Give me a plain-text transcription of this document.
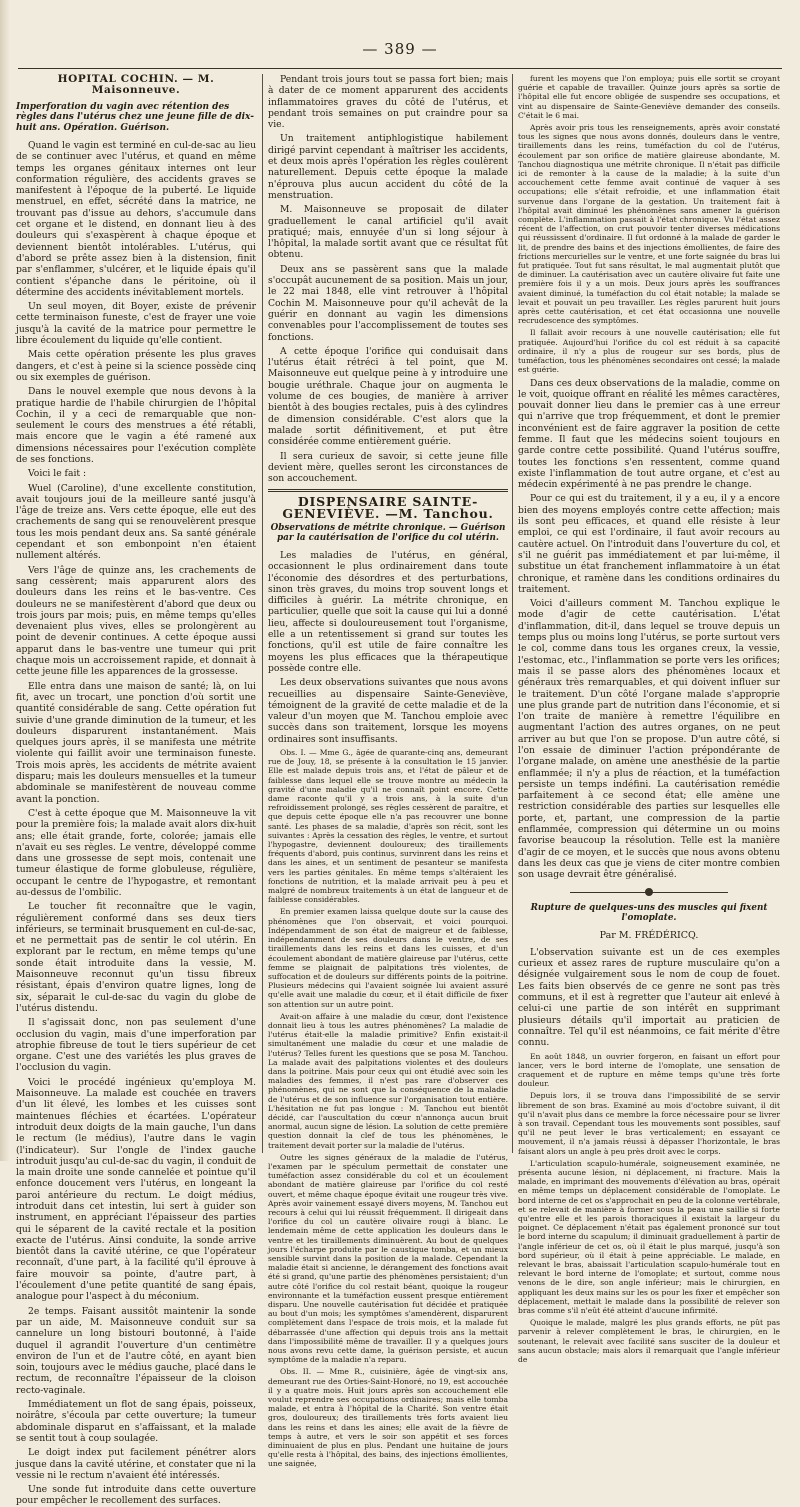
— 389 —
HOPITAL COCHIN. — M. Maisonneuve.
Imperforation du vagin avec rétention des règles dans l'utérus chez une jeune fille de dix-huit ans. Opération. Guérison.

Quand le vagin est terminé en cul-de-sac au lieu de se continuer avec l'utérus, et quand en même temps les organes génitaux internes ont leur conformation régulière, des accidents graves se manifestent à l'époque de la puberté. Le liquide menstruel, en effet, sécrété dans la matrice, ne trouvant pas d'issue au dehors, s'accumule dans cet organe et le distend, en donnant lieu à des douleurs qui s'exaspèrent à chaque époque et deviennent bientôt intolérables. L'utérus, qui d'abord se prête assez bien à la distension, finit par s'enflammer, s'ulcérer, et le liquide épais qu'il contient s'épanche dans le péritoine, où il détermine des accidents inévitablement mortels.

Un seul moyen, dit Boyer, existe de prévenir cette terminaison funeste, c'est de frayer une voie jusqu'à la cavité de la matrice pour permettre le libre écoulement du liquide qu'elle contient.

Mais cette opération présente les plus graves dangers, et c'est à peine si la science possède cinq ou six exemples de guérison.

Dans le nouvel exemple que nous devons à la pratique hardie de l'habile chirurgien de l'hôpital Cochin, il y a ceci de remarquable que non-seulement le cours des menstrues a été rétabli, mais encore que le vagin a été ramené aux dimensions nécessaires pour l'exécution complète de ses fonctions.

Voici le fait :

Wuel (Caroline), d'une excellente constitution, avait toujours joui de la meilleure santé jusqu'à l'âge de treize ans. Vers cette époque, elle eut des crachements de sang qui se renouvelèrent presque tous les mois pendant deux ans. Sa santé générale cependant et son embonpoint n'en étaient nullement altérés.

Vers l'âge de quinze ans, les crachements de sang cessèrent; mais apparurent alors des douleurs dans les reins et le bas-ventre. Ces douleurs ne se manifestèrent d'abord que deux ou trois jours par mois; puis, en même temps qu'elles devenaient plus vives, elles se prolongèrent au point de devenir continues. A cette époque aussi apparut dans le bas-ventre une tumeur qui prit chaque mois un accroissement rapide, et donnait à cette jeune fille les apparences de la grossesse.

Elle entra dans une maison de santé; là, on lui fit, avec un trocart, une ponction d'où sortit une quantité considérable de sang. Cette opération fut suivie d'une grande diminution de la tumeur, et les douleurs disparurent instantanément. Mais quelques jours après, il se manifesta une métrite violente qui faillit avoir une terminaison funeste. Trois mois après, les accidents de métrite avaient disparu; mais les douleurs mensuelles et la tumeur abdominale se manifestèrent de nouveau comme avant la ponction.

C'est à cette époque que M. Maisonneuve la vit pour la première fois; la malade avait alors dix-huit ans; elle était grande, forte, colorée; jamais elle n'avait eu ses règles. Le ventre, développé comme dans une grossesse de sept mois, contenait une tumeur élastique de forme globuleuse, régulière, occupant le centre de l'hypogastre, et remontant au-dessus de l'ombilic.

Le toucher fit reconnaître que le vagin, régulièrement conformé dans ses deux tiers inférieurs, se terminait brusquement en cul-de-sac, et ne permettait pas de sentir le col utérin. En explorant par le rectum, en même temps qu'une sonde était introduite dans la vessie, M. Maisonneuve reconnut qu'un tissu fibreux résistant, épais d'environ quatre lignes, long de six, séparait le cul-de-sac du vagin du globe de l'utérus distendu.

Il s'agissait donc, non pas seulement d'une occlusion du vagin, mais d'une imperforation par atrophie fibreuse de tout le tiers supérieur de cet organe. C'est une des variétés les plus graves de l'occlusion du vagin.

Voici le procédé ingénieux qu'employa M. Maisonneuve. La malade est couchée en travers d'un lit élevé, les lombes et les cuisses sont maintenues fléchies et écartées. L'opérateur introduit deux doigts de la main gauche, l'un dans le rectum (le médius), l'autre dans le vagin (l'indicateur). Sur l'ongle de l'index gauche introduit jusqu'au cul-de-sac du vagin, il conduit de la main droite une sonde cannelée et pointue qu'il enfonce doucement vers l'utérus, en longeant la paroi antérieure du rectum. Le doigt médius, introduit dans cet intestin, lui sert à guider son instrument, en appréciant l'épaisseur des parties qui le séparent de la cavité rectale et la position exacte de l'utérus. Ainsi conduite, la sonde arrive bientôt dans la cavité utérine, ce que l'opérateur reconnaît, d'une part, à la facilité qu'il éprouve à faire mouvoir sa pointe, d'autre part, à l'écoulement d'une petite quantité de sang épais, analogue pour l'aspect à du méconium.

2e temps. Faisant aussitôt maintenir la sonde par un aide, M. Maisonneuve conduit sur sa cannelure un long bistouri boutonné, à l'aide duquel il agrandit l'ouverture d'un centimètre environ de l'un et de l'autre côté, en ayant bien soin, toujours avec le médius gauche, placé dans le rectum, de reconnaître l'épaisseur de la cloison recto-vaginale.

Immédiatement un flot de sang épais, poisseux, noirâtre, s'écoula par cette ouverture; la tumeur abdominale disparut en s'affaissant, et la malade se sentit tout à coup soulagée.

Le doigt index put facilement pénétrer alors jusque dans la cavité utérine, et constater que ni la vessie ni le rectum n'avaient été intéressés.

Une sonde fut introduite dans cette ouverture pour empêcher le recollement des surfaces.

Pendant trois jours tout se passa fort bien; mais à dater de ce moment apparurent des accidents inflammatoires graves du côté de l'utérus, et pendant trois semaines on put craindre pour sa vie.

Un traitement antiphlogistique habilement dirigé parvint cependant à maîtriser les accidents, et deux mois après l'opération les règles coulèrent naturellement. Depuis cette époque la malade n'éprouva plus aucun accident du côté de la menstruation.

M. Maisonneuve se proposait de dilater graduellement le canal artificiel qu'il avait pratiqué; mais, ennuyée d'un si long séjour à l'hôpital, la malade sortit avant que ce résultat fût obtenu.

Deux ans se passèrent sans que la malade s'occupât aucunement de sa position. Mais un jour, le 22 mai 1848, elle vint retrouver à l'hôpital Cochin M. Maisonneuve pour qu'il achevât de la guérir en donnant au vagin les dimensions convenables pour l'accomplissement de toutes ses fonctions.

A cette époque l'orifice qui conduisait dans l'utérus était rétréci à tel point, que M. Maisonneuve eut quelque peine à y introduire une bougie uréthrale. Chaque jour on augmenta le volume de ces bougies, de manière à arriver bientôt à des bougies rectales, puis à des cylindres de dimension considérable. C'est alors que la malade sortit définitivement, et put être considérée comme entièrement guérie.

Il sera curieux de savoir, si cette jeune fille devient mère, quelles seront les circonstances de son accouchement.

DISPENSAIRE SAINTE-GENEVIÈVE. —M. Tanchou.
Observations de métrite chronique. — Guérison par la cautérisation de l'orifice du col utérin.

Les maladies de l'utérus, en général, occasionnent le plus ordinairement dans toute l'économie des désordres et des perturbations, sinon très graves, du moins trop souvent longs et difficiles à guérir. La métrite chronique, en particulier, quelle que soit la cause qui lui a donné lieu, affecte si douloureusement tout l'organisme, elle a un retentissement si grand sur toutes les fonctions, qu'il est utile de faire connaître les moyens les plus efficaces que la thérapeutique possède contre elle.

Les deux observations suivantes que nous avons recueillies au dispensaire Sainte-Geneviève, témoignent de la gravité de cette maladie et de la valeur d'un moyen que M. Tanchou emploie avec succès dans son traitement, lorsque les moyens ordinaires sont insuffisants.

Obs. I. — Mme G., âgée de quarante-cinq ans, demeurant rue de Jouy, 18, se présente à la consultation le 15 janvier. Elle est malade depuis trois ans, et l'état de pâleur et de faiblesse dans lequel elle se trouve montre au médecin la gravité d'une maladie qu'il ne connaît point encore. Cette dame raconte qu'il y a trois ans, à la suite d'un refroidissement prolongé, ses règles cessèrent de paraître, et que depuis cette époque elle n'a pas recouvrer une bonne santé. Les phases de sa maladie, d'après son récit, sont les suivantes : Après la cessation des règles, le ventre, et surtout l'hypogastre, deviennent douloureux; des tiraillements fréquents d'abord, puis continus, survinrent dans les reins et dans les aines, et un sentiment de pesanteur se manifesta vers les parties génitales. En même temps s'altéraient les fonctions de nutrition, et la malade arrivait peu à peu et malgré de nombreux traitements à un état de langueur et de faiblesse considérables.

En premier examen laissa quelque doute sur la cause des phénomènes que l'on observait, et voici pourquoi. Indépendamment de son état de maigreur et de faiblesse, indépendamment de ses douleurs dans le ventre, de ses tiraillements dans les reins et dans les cuisses, et d'un écoulement abondant de matière glaireuse par l'utérus, cette femme se plaignait de palpitations très violentes, de suffocation et de douleurs sur différents points de la poitrine. Plusieurs médecins qui l'avaient soignée lui avaient assuré qu'elle avait une maladie du cœur, et il était difficile de fixer son attention sur un autre point.

Avait-on affaire à une maladie du cœur, dont l'existence donnait lieu à tous les autres phénomènes? La maladie de l'utérus était-elle la maladie primitive? Enfin existait-il simultanément une maladie du cœur et une maladie de l'utérus? Telles furent les questions que se posa M. Tanchou. La malade avait des palpitations violentes et des douleurs dans la poitrine. Mais pour ceux qui ont étudié avec soin les maladies des femmes, il n'est pas rare d'observer ces phénomènes, qui ne sont que la conséquence de la maladie de l'utérus et de son influence sur l'organisation tout entière. L'hésitation ne fut pas longue : M. Tanchou eut bientôt décidé, car l'auscultation du cœur n'annonça aucun bruit anormal, aucun signe de lésion. La solution de cette première question donnait la clef de tous les phénomènes, le traitement devait porter sur la maladie de l'utérus.

Outre les signes généraux de la maladie de l'utérus, l'examen par le spéculum permettait de constater une tuméfaction assez considérable du col et un écoulement abondant de matière glaireuse par l'orifice du col resté ouvert, et même chaque époque évitait une rougeur très vive. Après avoir vainement essayé divers moyens, M. Tanchou eut recours à celui qui lui réussit fréquemment. Il dirigeait dans l'orifice du col un cautère olivaire rougi à blanc. Le lendemain même de cette application les douleurs dans le ventre et les tiraillements diminuèrent. Au bout de quelques jours l'écharpe produite par le caustique tomba, et un mieux sensible survint dans la position de la malade. Cependant la maladie était si ancienne, le dérangement des fonctions avait été si grand, qu'une partie des phénomènes persistaient; d'un autre côté l'orifice du col restait béant, quoique la rougeur environnante et la tuméfaction eussent presque entièrement disparu. Une nouvelle cautérisation fut décidée et pratiquée au bout d'un mois; les symptômes s'amendèrent, disparurent complètement dans l'espace de trois mois, et la malade fut débarrassée d'une affection qui depuis trois ans la mettait dans l'impossibilité même de travailler. Il y a quelques jours nous avons revu cette dame, la guérison persiste, et aucun symptôme de la maladie n'a reparu.

Obs. II. — Mme R., cuisinière, âgée de vingt-six ans, demeurant rue des Orties-Saint-Honoré, no 19, est accouchée il y a quatre mois. Huit jours après son accouchement elle voulut reprendre ses occupations ordinaires; mais elle tomba malade, et entra à l'hôpital de la Charité. Son ventre était gros, douloureux; des tiraillements très forts avaient lieu dans les reins et dans les aines; elle avait de la fièvre de temps à autre, et vers le soir son appétit et ses forces diminuaient de plus en plus. Pendant une huitaine de jours qu'elle resta à l'hôpital, des bains, des injections émollientes, une saignée,

furent les moyens que l'on employa; puis elle sortit se croyant guérie et capable de travailler. Quinze jours après sa sortie de l'hôpital elle fut encore obligée de suspendre ses occupations, et vint au dispensaire de Sainte-Geneviève demander des conseils. C'était le 6 mai.

Après avoir pris tous les renseignements, après avoir constaté tous les signes que nous avons donnés, douleurs dans le ventre, tiraillements dans les reins, tuméfaction du col de l'utérus, écoulement par son orifice de matière glaireuse abondante, M. Tanchou diagnostiqua une métrite chronique. Il n'était pas difficile ici de remonter à la cause de la maladie; à la suite d'un accouchement cette femme avait continué de vaquer à ses occupations; elle s'était refroidie, et une inflammation était survenue dans l'organe de la gestation. Un traitement fait à l'hôpital avait diminué les phénomènes sans amener la guérison complète. L'inflammation passait à l'état chronique. Vu l'état assez récent de l'affection, on crut pouvoir tenter diverses médications qui réussissent d'ordinaire. Il fut ordonné à la malade de garder le lit, de prendre des bains et des injections émollientes, de faire des frictions mercurielles sur le ventre, et une forte saignée du bras lui fut pratiquée. Tout fut sans résultat, le mal augmentait plutôt que de diminuer. La cautérisation avec un cautère olivaire fut faite une première fois il y a un mois. Deux jours après les souffrances avaient diminué, la tuméfaction du col était notable; la malade se levait et pouvait un peu travailler. Les règles parurent huit jours après cette cautérisation, et cet état occasionna une nouvelle recrudescence des symptômes.

Il fallait avoir recours à une nouvelle cautérisation; elle fut pratiquée. Aujourd'hui l'orifice du col est réduit à sa capacité ordinaire, il n'y a plus de rougeur sur ses bords, plus de tuméfaction, tous les phénomènes secondaires ont cessé; la malade est guérie.

Dans ces deux observations de la maladie, comme on le voit, quoique offrant en réalité les mêmes caractères, pouvait donner lieu dans le premier cas à une erreur qui n'arrive que trop fréquemment, et dont le premier inconvénient est de faire aggraver la position de cette femme. Il faut que les médecins soient toujours en garde contre cette possibilité. Quand l'utérus souffre, toutes les fonctions s'en ressentent, comme quand existe l'inflammation de tout autre organe, et c'est au médecin expérimenté à ne pas prendre le change.

Pour ce qui est du traitement, il y a eu, il y a encore bien des moyens employés contre cette affection; mais ils sont peu efficaces, et quand elle résiste à leur emploi, ce qui est l'ordinaire, il faut avoir recours au cautère actuel. On l'introduit dans l'ouverture du col, et s'il ne guérit pas immédiatement et par lui-même, il substitue un état franchement inflammatoire à un état chronique, et ramène dans les conditions ordinaires du traitement.

Voici d'ailleurs comment M. Tanchou explique le mode d'agir de cette cautérisation. L'état d'inflammation, dit-il, dans lequel se trouve depuis un temps plus ou moins long l'utérus, se porte surtout vers le col, comme dans tous les organes creux, la vessie, l'estomac, etc., l'inflammation se porte vers les orifices; mais il se passe alors des phénomènes locaux et généraux très remarquables, et qui doivent influer sur le traitement. D'un côté l'organe malade s'approprie une plus grande part de nutrition dans l'économie, et si l'on traite de manière à remettre l'équilibre en augmentant l'action des autres organes, on ne peut arriver au but que l'on se propose. D'un autre côté, si l'on essaie de diminuer l'action prépondérante de l'organe malade, on amène une anesthésie de la partie enflammée; il n'y a plus de réaction, et la tuméfaction persiste un temps indéfini. La cautérisation remédie parfaitement à ce second état; elle amène une restriction considérable des parties sur lesquelles elle porte, et, partant, une compression de la partie enflammée, compression qui détermine un ou moins favorise beaucoup la résolution. Telle est la manière d'agir de ce moyen, et le succès que nous avons obtenu dans les deux cas que je viens de citer montre combien son usage devrait être généralisé.

Rupture de quelques-uns des muscles qui fixent l'omoplate.
Par M. FRÉDÉRICQ.

L'observation suivante est un de ces exemples curieux et assez rares de rupture musculaire qu'on a désignée vulgairement sous le nom de coup de fouet. Les faits bien observés de ce genre ne sont pas très communs, et il est à regretter que l'auteur ait enlevé à celui-ci une partie de son intérêt en supprimant plusieurs détails qu'il importait au praticien de connaître. Tel qu'il est néanmoins, ce fait mérite d'être connu.

En août 1848, un ouvrier forgeron, en faisant un effort pour lancer, vers le bord interne de l'omoplate, une sensation de craquement et de rupture en même temps qu'une très forte douleur.

Depuis lors, il se trouva dans l'impossibilité de se servir librement de son bras. Examiné au mois d'octobre suivant, il dit qu'il n'avait plus dans ce membre la force nécessaire pour se livrer à son travail. Cependant tous les mouvements sont possibles, sauf qu'il ne peut lever le bras verticalement; en essayant ce mouvement, il n'a jamais réussi à dépasser l'horizontale, le bras faisant alors un angle à peu près droit avec le corps.

L'articulation scapulo-humérale, soigneusement examinée, ne présenta aucune lésion, ni déplacement, ni fracture. Mais la malade, en imprimant des mouvements d'élévation au bras, opérait en même temps un déplacement considérable de l'omoplate. Le bord interne de cet os s'approchait en peu de la colonne vertébrale, et se relevait de manière à former sous la peau une saillie si forte qu'entre elle et les parois thoraciques il existait la largeur du poignet. Ce déplacement n'était pas également prononcé sur tout le bord interne du scapulum; il diminuait graduellement à partir de l'angle inférieur de cet os, où il était le plus marqué, jusqu'à son bord supérieur, où il était à peine appréciable. Le malade, en relevant le bras, abaissait l'articulation scapulo-humérale tout en relevant le bord interne de l'omoplate; et surtout, comme nous venons de le dire, son angle inférieur; mais le chirurgien, en appliquant les deux mains sur les os pour les fixer et empêcher son déplacement, mettait le malade dans la possibilité de relever son bras comme s'il n'eût été atteint d'aucune infirmité.

Quoique le malade, malgré les plus grands efforts, ne pût pas parvenir à relever complètement le bras, le chirurgien, en le soutenant, le relevait avec facilité sans susciter de la douleur et sans aucun obstacle; mais alors il remarquait que l'angle inférieur de
